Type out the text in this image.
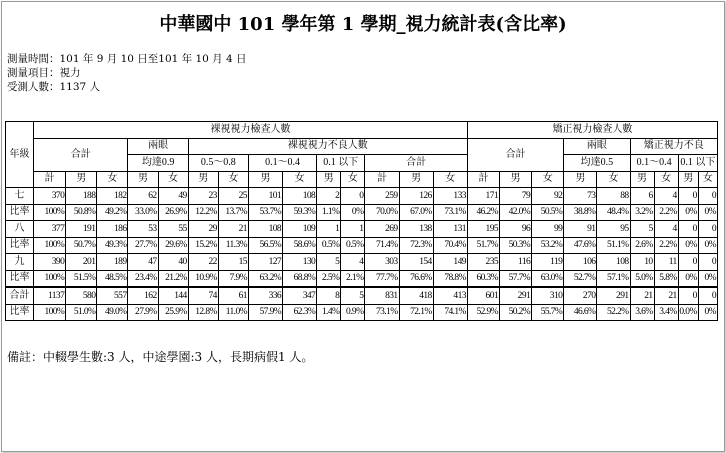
中華國中 101 學年第 1 學期_視力統計表(含比率)
測量時間：101 年 9 月 10 日至101 年 10 月 4 日
測量項目：視力
受測人數：1137 人
年級	裸視視力檢查人數														矯正視力檢查人數								
	合計			兩眼		裸視視力不良人數									合計			兩眼		矯正視力不良			
				均達0.9		0.5～0.8		0.1～0.4		0.1 以下		合計						均達0.5		0.1～0.4		0.1 以下	
	計	男	女	男	女	男	女	男	女	男	女	計	男	女	計	男	女	男	女	男	女	男	女
七	370	188	182	62	49	23	25	101	108	2	0	259	126	133	171	79	92	73	88	6	4	0	0
比率	100%	50.8%	49.2%	33.0%	26.9%	12.2%	13.7%	53.7%	59.3%	1.1%	0%	70.0%	67.0%	73.1%	46.2%	42.0%	50.5%	38.8%	48.4%	3.2%	2.2%	0%	0%
八	377	191	186	53	55	29	21	108	109	1	1	269	138	131	195	96	99	91	95	5	4	0	0
比率	100%	50.7%	49.3%	27.7%	29.6%	15.2%	11.3%	56.5%	58.6%	0.5%	0.5%	71.4%	72.3%	70.4%	51.7%	50.3%	53.2%	47.6%	51.1%	2.6%	2.2%	0%	0%
九	390	201	189	47	40	22	15	127	130	5	4	303	154	149	235	116	119	106	108	10	11	0	0
比率	100%	51.5%	48.5%	23.4%	21.2%	10.9%	7.9%	63.2%	68.8%	2.5%	2.1%	77.7%	76.6%	78.8%	60.3%	57.7%	63.0%	52.7%	57.1%	5.0%	5.8%	0%	0%
合計	1137	580	557	162	144	74	61	336	347	8	5	831	418	413	601	291	310	270	291	21	21	0	0
比率	100%	51.0%	49.0%	27.9%	25.9%	12.8%	11.0%	57.9%	62.3%	1.4%	0.9%	73.1%	72.1%	74.1%	52.9%	50.2%	55.7%	46.6%	52.2%	3.6%	3.4%	0.0%	0%
備註：中輟學生數:3 人，中途學園:3 人，長期病假1 人。
